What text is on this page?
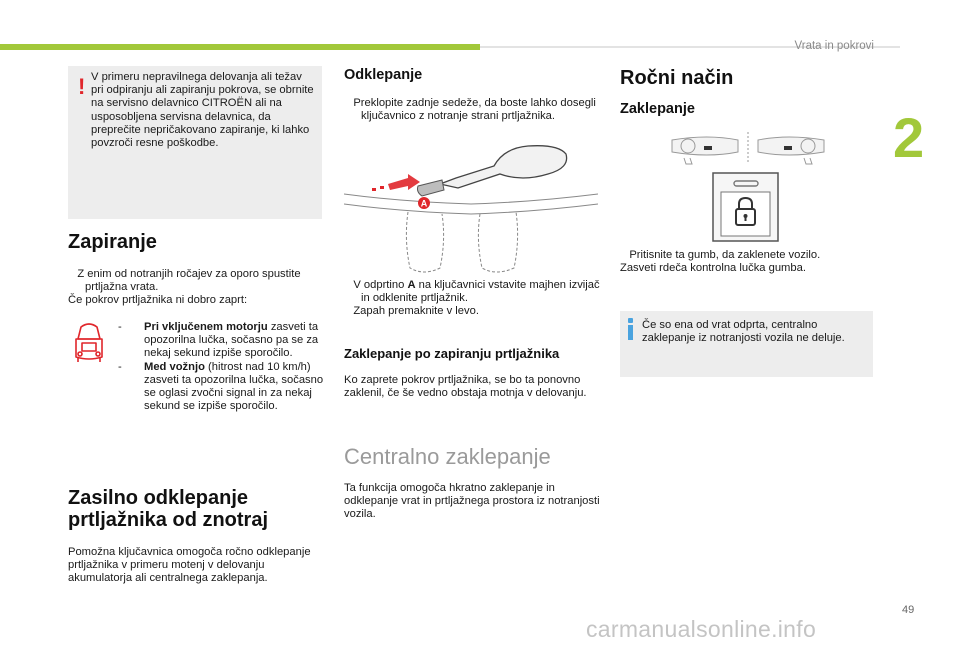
Vrata in pokrovi
2
! V primeru nepravilnega delovanja ali težav pri odpiranju ali zapiranju pokrova, se obrnite na servisno delavnico CITROËN ali na usposobljena servisna delavnica, da preprečite nepričakovano zapiranje, ki lahko povzroči resne poškodbe.
Zapiranje
Z enim od notranjih ročajev za oporo spustite prtljažna vrata.
Če pokrov prtljažnika ni dobro zaprt:
-	Pri vključenem motorju zasveti ta opozorilna lučka, sočasno pa se za nekaj sekund izpiše sporočilo.
-	Med vožnjo (hitrost nad 10 km/h) zasveti ta opozorilna lučka, sočasno se oglasi zvočni signal in za nekaj sekund se izpiše sporočilo.
Zasilno odklepanje
prtljažnika od znotraj
Pomožna ključavnica omogoča ročno odklepanje prtljažnika v primeru motenj v delovanju akumulatorja ali centralnega zaklepanja.
Odklepanje
Preklopite zadnje sedeže, da boste lahko dosegli ključavnico z notranje strani prtljažnika.
A
V odprtino A na ključavnici vstavite majhen izvijač in odklenite prtljažnik.
Zapah premaknite v levo.
Zaklepanje po zapiranju prtljažnika
Ko zaprete pokrov prtljažnika, se bo ta ponovno zaklenil, če še vedno obstaja motnja v delovanju.
Centralno zaklepanje
Ta funkcija omogoča hkratno zaklepanje in odklepanje vrat in prtljažnega prostora iz notranjosti vozila.
Ročni način
Zaklepanje
Pritisnite ta gumb, da zaklenete vozilo.
Zasveti rdeča kontrolna lučka gumba.
Če so ena od vrat odprta, centralno zaklepanje iz notranjosti vozila ne deluje.
49
carmanualsonline.info
